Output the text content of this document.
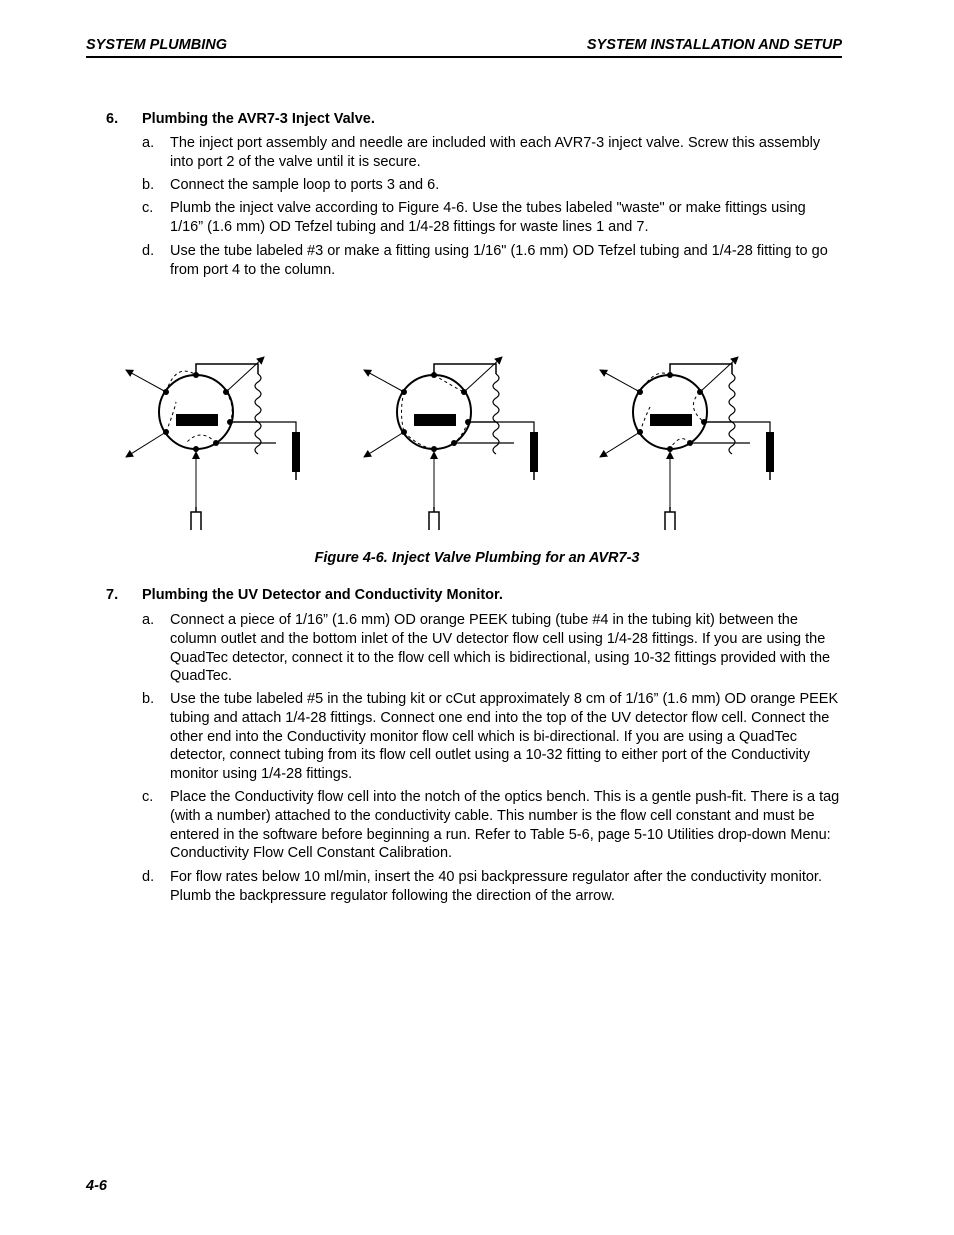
SYSTEM PLUMBING	SYSTEM INSTALLATION AND SETUP
6. Plumbing the AVR7-3 Inject Valve.
a. The inject port assembly and needle are included with each AVR7-3 inject valve. Screw this assembly into port 2 of the valve until it is secure.
b. Connect the sample loop to ports 3 and 6.
c. Plumb the inject valve according to Figure 4-6. Use the tubes labeled "waste" or make fittings using 1/16” (1.6 mm) OD Tefzel tubing and 1/4-28 fittings for waste lines 1 and 7.
d. Use the tube labeled #3 or make a fitting using 1/16" (1.6 mm) OD Tefzel tubing and 1/4-28 fitting to go from port 4 to the column.
Figure 4-6. Inject Valve Plumbing for an AVR7-3
7. Plumbing the UV Detector and Conductivity Monitor.
a. Connect a piece of 1/16” (1.6 mm) OD orange PEEK tubing (tube #4 in the tubing kit) between the column outlet and the bottom inlet of the UV detector flow cell using 1/4-28 fittings. If you are using the QuadTec detector, connect it to the flow cell which is bidirectional, using 10-32 fittings provided with the QuadTec.
b. Use the tube labeled #5 in the tubing kit or cCut approximately 8 cm of 1/16” (1.6 mm) OD orange PEEK tubing and attach 1/4-28 fittings. Connect one end into the top of the UV detector flow cell. Connect the other end into the Conductivity monitor flow cell which is bi-directional. If you are using a QuadTec detector, connect tubing from its flow cell outlet using a 10-32 fitting to either port of the Conductivity monitor using 1/4-28 fittings.
c. Place the Conductivity flow cell into the notch of the optics bench. This is a gentle push-fit. There is a tag (with a number) attached to the conductivity cable. This number is the flow cell constant and must be entered in the software before beginning a run. Refer to Table 5-6, page 5-10 Utilities drop-down Menu: Conductivity Flow Cell Constant Calibration.
d. For flow rates below 10 ml/min, insert the 40 psi backpressure regulator after the conductivity monitor. Plumb the backpressure regulator following the direction of the arrow.
4-6
